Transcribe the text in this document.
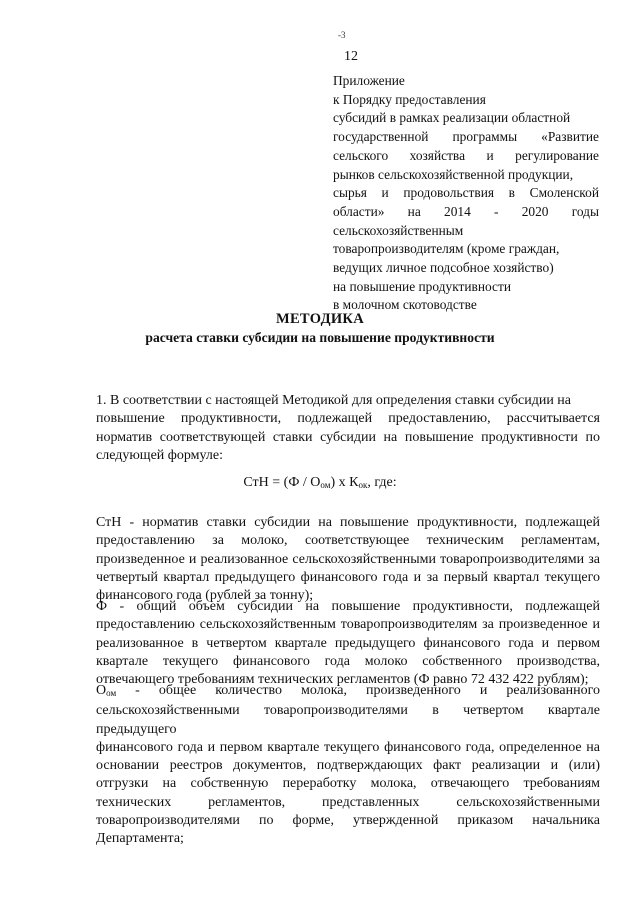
-3
12
Приложение
к Порядку предоставления
субсидий в рамках реализации областной
государственной программы «Развитие
сельского хозяйства и регулирование
рынков сельскохозяйственной продукции,
сырья и продовольствия в Смоленской
области» на 2014 - 2020 годы
сельскохозяйственным
товаропроизводителям (кроме граждан,
ведущих личное подсобное хозяйство)
на повышение продуктивности
в молочном скотоводстве
МЕТОДИКА
расчета ставки субсидии на повышение продуктивности
1. В соответствии с настоящей Методикой для определения ставки субсидии на
повышение продуктивности, подлежащей предоставлению, рассчитывается
норматив соответствующей ставки субсидии на повышение продуктивности по
следующей формуле:
СтН = $(Ф / О_{ом})$ x $К_{ок}$, где:
СтН - норматив ставки субсидии на повышение продуктивности, подлежащей
предоставлению за молоко, соответствующее техническим регламентам,
произведенное и реализованное сельскохозяйственными товаропроизводителями за
четвертый квартал предыдущего финансового года и за первый квартал текущего
финансового года (рублей за тонну);
Ф - общий объем субсидии на повышение продуктивности, подлежащей
предоставлению сельскохозяйственным товаропроизводителям за произведенное и
реализованное в четвертом квартале предыдущего финансового года и первом
квартале текущего финансового года молоко собственного производства,
отвечающего требованиям технических регламентов (Ф равно 72 432 422 рублям);
$О_{ом}$ - общее количество молока, произведенного и реализованного
сельскохозяйственными товаропроизводителями в четвертом квартале предыдущего
финансового года и первом квартале текущего финансового года, определенное на
основании реестров документов, подтверждающих факт реализации и (или)
отгрузки на собственную переработку молока, отвечающего требованиям
технических регламентов, представленных сельскохозяйственными
товаропроизводителями по форме, утвержденной приказом начальника
Департамента;
